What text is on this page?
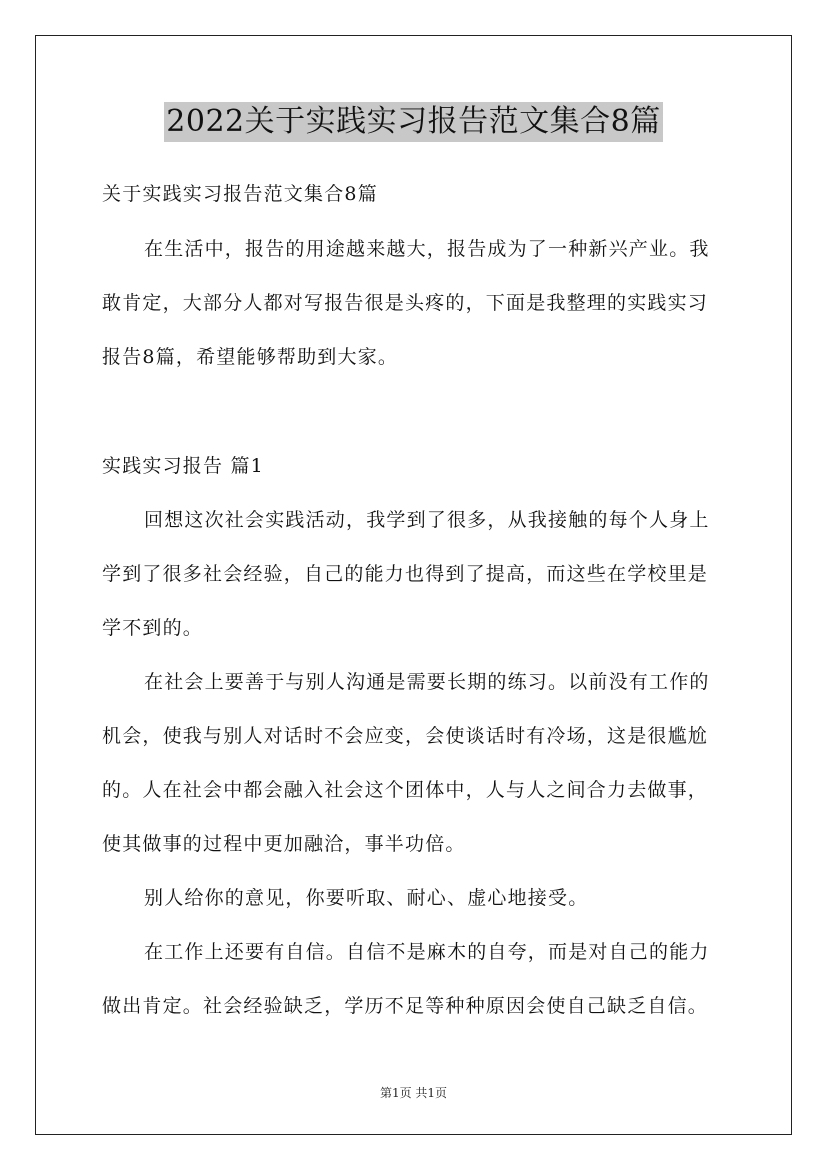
2022关于实践实习报告范文集合8篇
关于实践实习报告范文集合8篇
在生活中，报告的用途越来越大，报告成为了一种新兴产业。我
敢肯定，大部分人都对写报告很是头疼的，下面是我整理的实践实习
报告8篇，希望能够帮助到大家。
实践实习报告 篇1
回想这次社会实践活动，我学到了很多，从我接触的每个人身上
学到了很多社会经验，自己的能力也得到了提高，而这些在学校里是
学不到的。
在社会上要善于与别人沟通是需要长期的练习。以前没有工作的
机会，使我与别人对话时不会应变，会使谈话时有冷场，这是很尴尬
的。人在社会中都会融入社会这个团体中，人与人之间合力去做事，
使其做事的过程中更加融洽，事半功倍。
别人给你的意见，你要听取、耐心、虚心地接受。
在工作上还要有自信。自信不是麻木的自夸，而是对自己的能力
做出肯定。社会经验缺乏，学历不足等种种原因会使自己缺乏自信。
第1页 共1页
